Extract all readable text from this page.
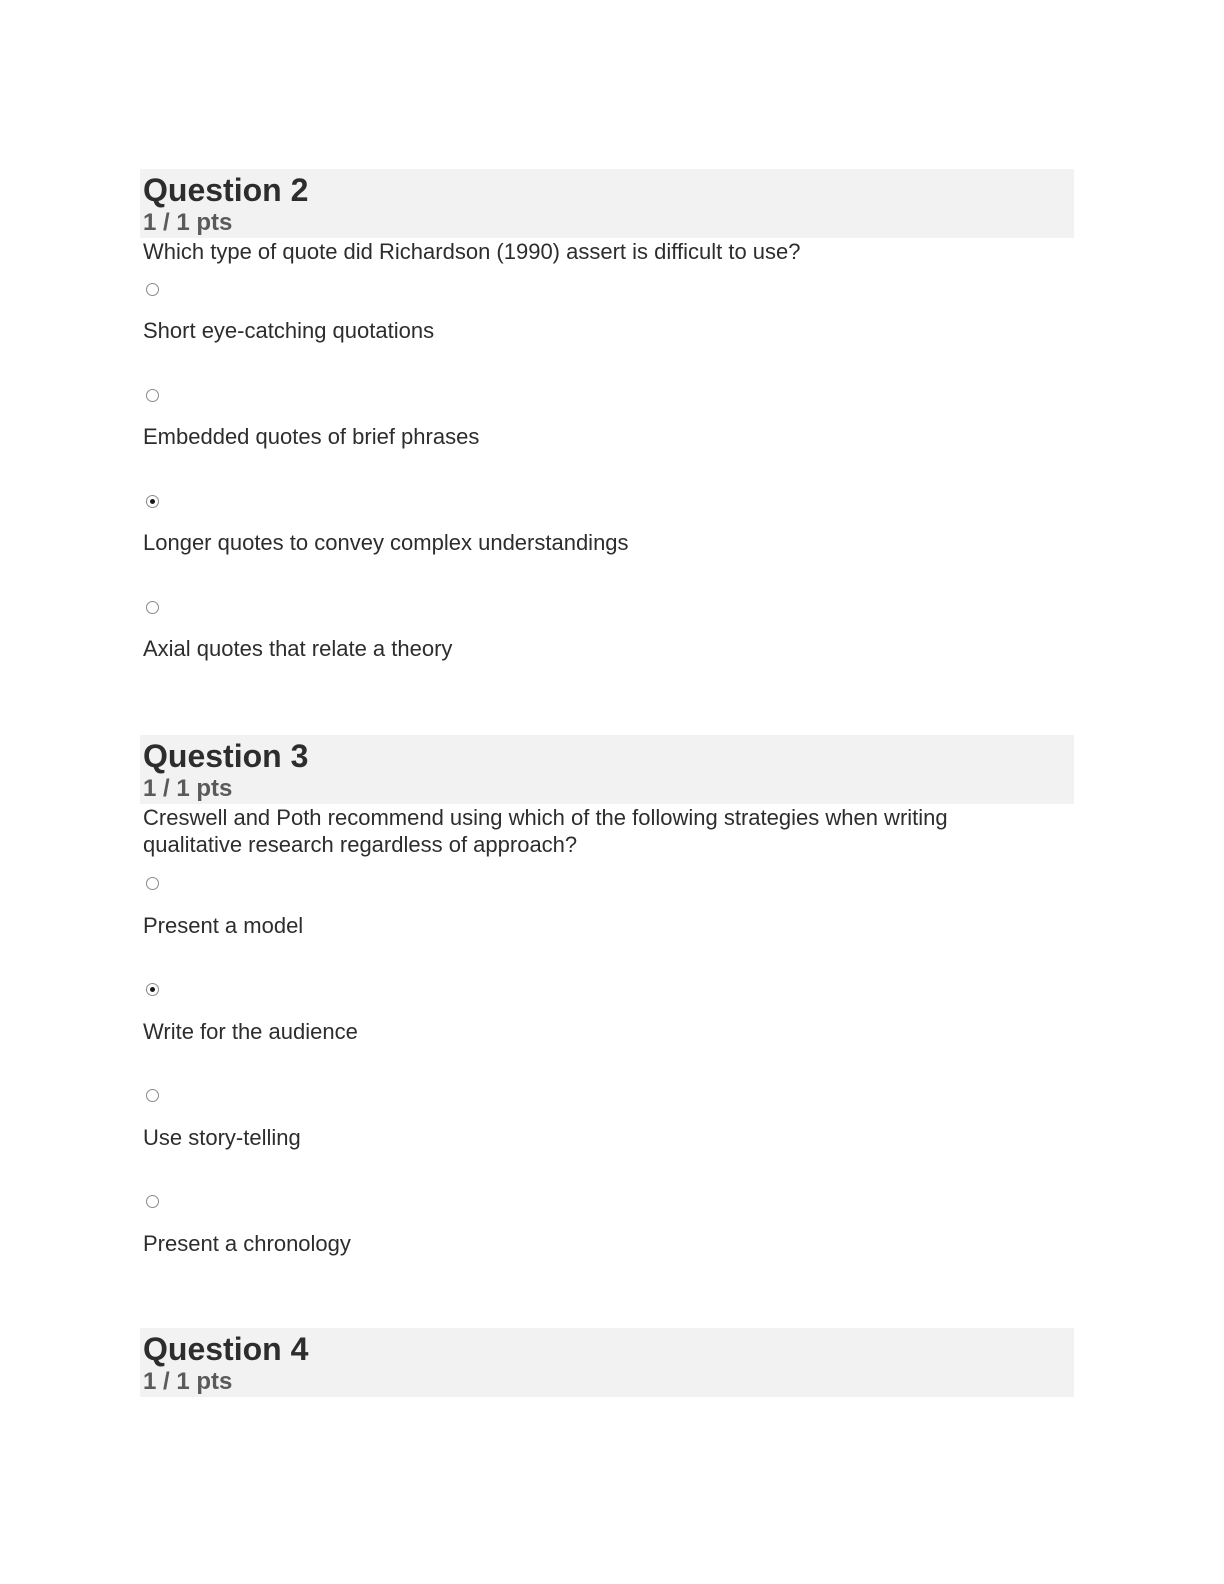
Question 2
1 / 1 pts
Which type of quote did Richardson (1990) assert is difficult to use?
Short eye-catching quotations
Embedded quotes of brief phrases
Longer quotes to convey complex understandings
Axial quotes that relate a theory
Question 3
1 / 1 pts
Creswell and Poth recommend using which of the following strategies when writing
qualitative research regardless of approach?
Present a model
Write for the audience
Use story-telling
Present a chronology
Question 4
1 / 1 pts
